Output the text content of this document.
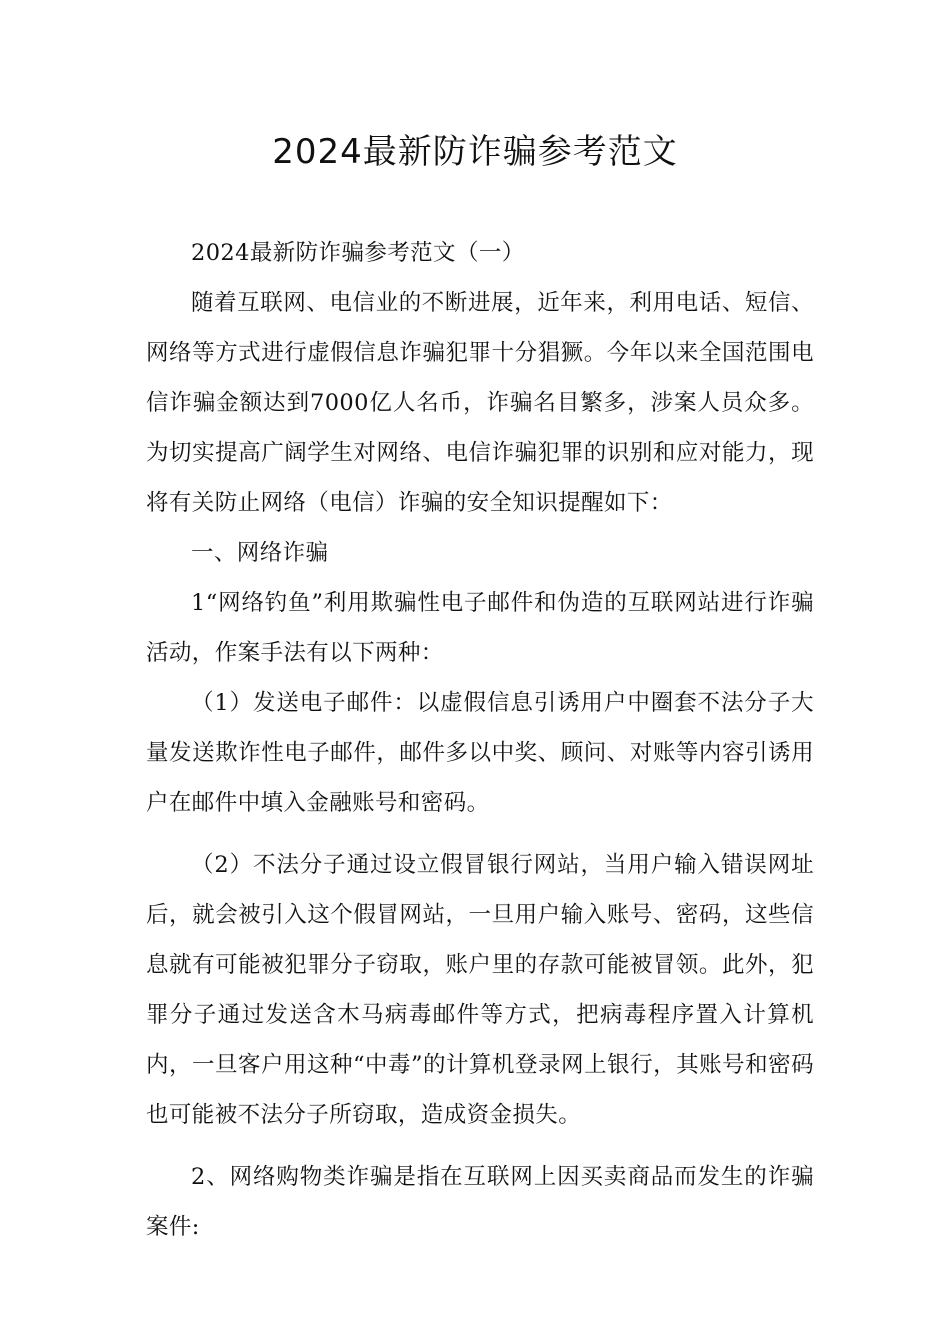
2024最新防诈骗参考范文

2024最新防诈骗参考范文（一）

随着互联网、电信业的不断进展，近年来，利用电话、短信、网络等方式进行虚假信息诈骗犯罪十分猖獗。今年以来全国范围电信诈骗金额达到7000亿人名币，诈骗名目繁多，涉案人员众多。为切实提高广阔学生对网络、电信诈骗犯罪的识别和应对能力，现将有关防止网络（电信）诈骗的安全知识提醒如下：

一、网络诈骗

1“网络钓鱼”利用欺骗性电子邮件和伪造的互联网站进行诈骗活动，作案手法有以下两种：

（1）发送电子邮件：以虚假信息引诱用户中圈套不法分子大量发送欺诈性电子邮件，邮件多以中奖、顾问、对账等内容引诱用户在邮件中填入金融账号和密码。

（2）不法分子通过设立假冒银行网站，当用户输入错误网址后，就会被引入这个假冒网站，一旦用户输入账号、密码，这些信息就有可能被犯罪分子窃取，账户里的存款可能被冒领。此外，犯罪分子通过发送含木马病毒邮件等方式，把病毒程序置入计算机内，一旦客户用这种“中毒”的计算机登录网上银行，其账号和密码也可能被不法分子所窃取，造成资金损失。

2、网络购物类诈骗是指在互联网上因买卖商品而发生的诈骗案件:
